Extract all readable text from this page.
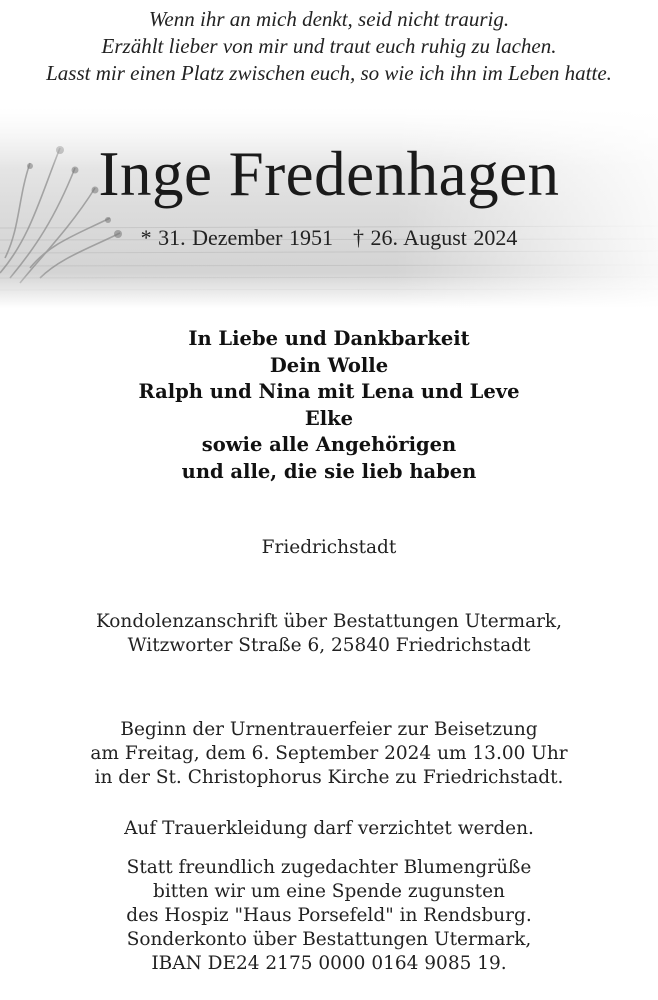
Wenn ihr an mich denkt, seid nicht traurig.
Erzählt lieber von mir und traut euch ruhig zu lachen.
Lasst mir einen Platz zwischen euch, so wie ich ihn im Leben hatte.
Inge Fredenhagen
* 31. Dezember 1951 † 26. August 2024
In Liebe und Dankbarkeit
Dein Wolle
Ralph und Nina mit Lena und Leve
Elke
sowie alle Angehörigen
und alle, die sie lieb haben
Friedrichstadt
Kondolenzanschrift über Bestattungen Utermark,
Witzworter Straße 6, 25840 Friedrichstadt
Beginn der Urnentrauerfeier zur Beisetzung
am Freitag, dem 6. September 2024 um 13.00 Uhr
in der St. Christophorus Kirche zu Friedrichstadt.
Auf Trauerkleidung darf verzichtet werden.
Statt freundlich zugedachter Blumengrüße
bitten wir um eine Spende zugunsten
des Hospiz "Haus Porsefeld" in Rendsburg.
Sonderkonto über Bestattungen Utermark,
IBAN DE24 2175 0000 0164 9085 19.
